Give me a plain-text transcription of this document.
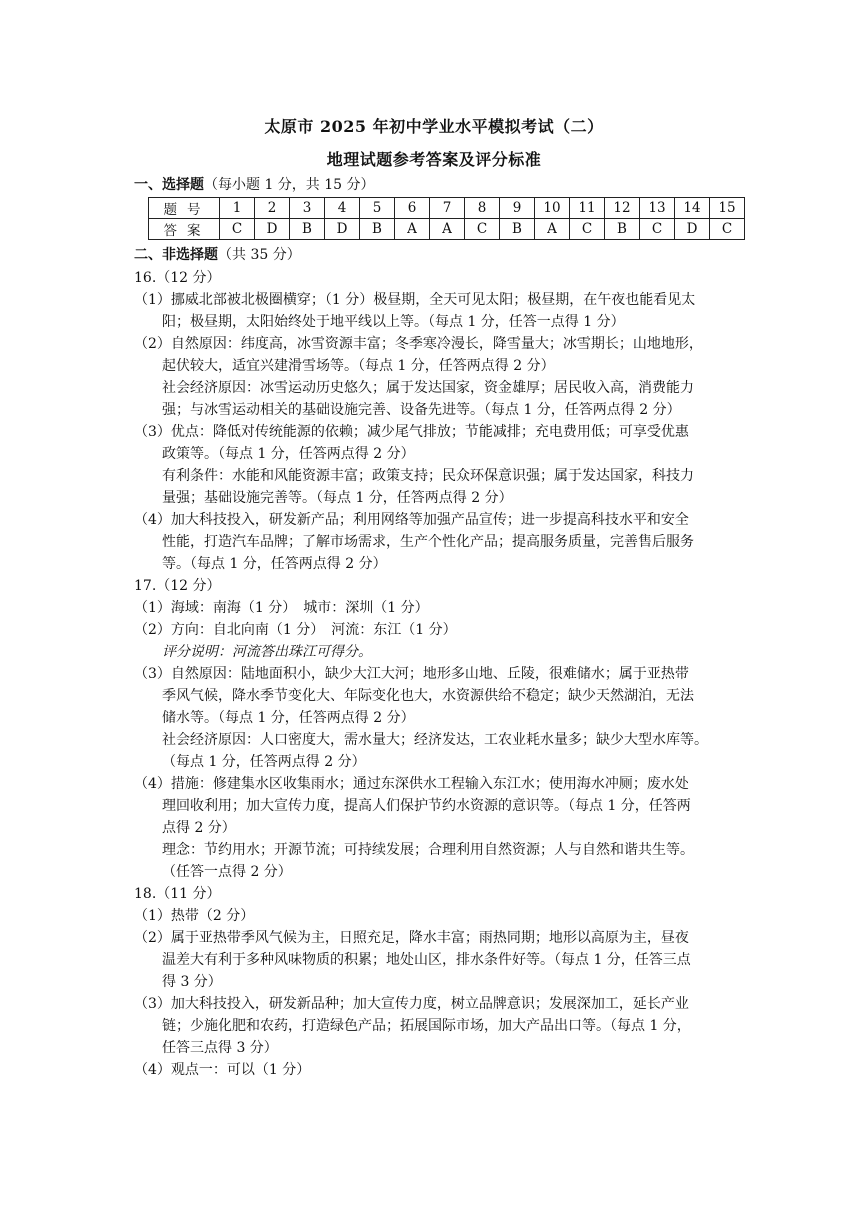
太原市 2025 年初中学业水平模拟考试（二）
地理试题参考答案及评分标准
一、选择题（每小题 1 分，共 15 分）
题号	1	2	3	4	5	6	7	8	9	10	11	12	13	14	15
答案	C	D	B	D	B	A	A	C	B	A	C	B	C	D	C
二、非选择题（共 35 分）
16.（12 分）
（1）挪威北部被北极圈横穿；（1 分）极昼期，全天可见太阳；极昼期，在午夜也能看见太
阳；极昼期，太阳始终处于地平线以上等。（每点 1 分，任答一点得 1 分）
（2）自然原因：纬度高，冰雪资源丰富；冬季寒冷漫长，降雪量大；冰雪期长；山地地形，
起伏较大，适宜兴建滑雪场等。（每点 1 分，任答两点得 2 分）
社会经济原因：冰雪运动历史悠久；属于发达国家，资金雄厚；居民收入高，消费能力
强；与冰雪运动相关的基础设施完善、设备先进等。（每点 1 分，任答两点得 2 分）
（3）优点：降低对传统能源的依赖；减少尾气排放；节能减排；充电费用低；可享受优惠
政策等。（每点 1 分，任答两点得 2 分）
有利条件：水能和风能资源丰富；政策支持；民众环保意识强；属于发达国家，科技力
量强；基础设施完善等。（每点 1 分，任答两点得 2 分）
（4）加大科技投入，研发新产品；利用网络等加强产品宣传；进一步提高科技水平和安全
性能，打造汽车品牌；了解市场需求，生产个性化产品；提高服务质量，完善售后服务
等。（每点 1 分，任答两点得 2 分）
17.（12 分）
（1）海域：南海（1 分）　城市：深圳（1 分）
（2）方向：自北向南（1 分）　河流：东江（1 分）
评分说明：河流答出珠江可得分。
（3）自然原因：陆地面积小，缺少大江大河；地形多山地、丘陵，很难储水；属于亚热带
季风气候，降水季节变化大、年际变化也大，水资源供给不稳定；缺少天然湖泊，无法
储水等。（每点 1 分，任答两点得 2 分）
社会经济原因：人口密度大，需水量大；经济发达，工农业耗水量多；缺少大型水库等。
（每点 1 分，任答两点得 2 分）
（4）措施：修建集水区收集雨水；通过东深供水工程输入东江水；使用海水冲厕；废水处
理回收利用；加大宣传力度，提高人们保护节约水资源的意识等。（每点 1 分，任答两
点得 2 分）
理念：节约用水；开源节流；可持续发展；合理利用自然资源；人与自然和谐共生等。
（任答一点得 2 分）
18.（11 分）
（1）热带（2 分）
（2）属于亚热带季风气候为主，日照充足，降水丰富；雨热同期；地形以高原为主，昼夜
温差大有利于多种风味物质的积累；地处山区，排水条件好等。（每点 1 分，任答三点
得 3 分）
（3）加大科技投入，研发新品种；加大宣传力度，树立品牌意识；发展深加工，延长产业
链；少施化肥和农药，打造绿色产品；拓展国际市场，加大产品出口等。（每点 1 分，
任答三点得 3 分）
（4）观点一：可以（1 分）
